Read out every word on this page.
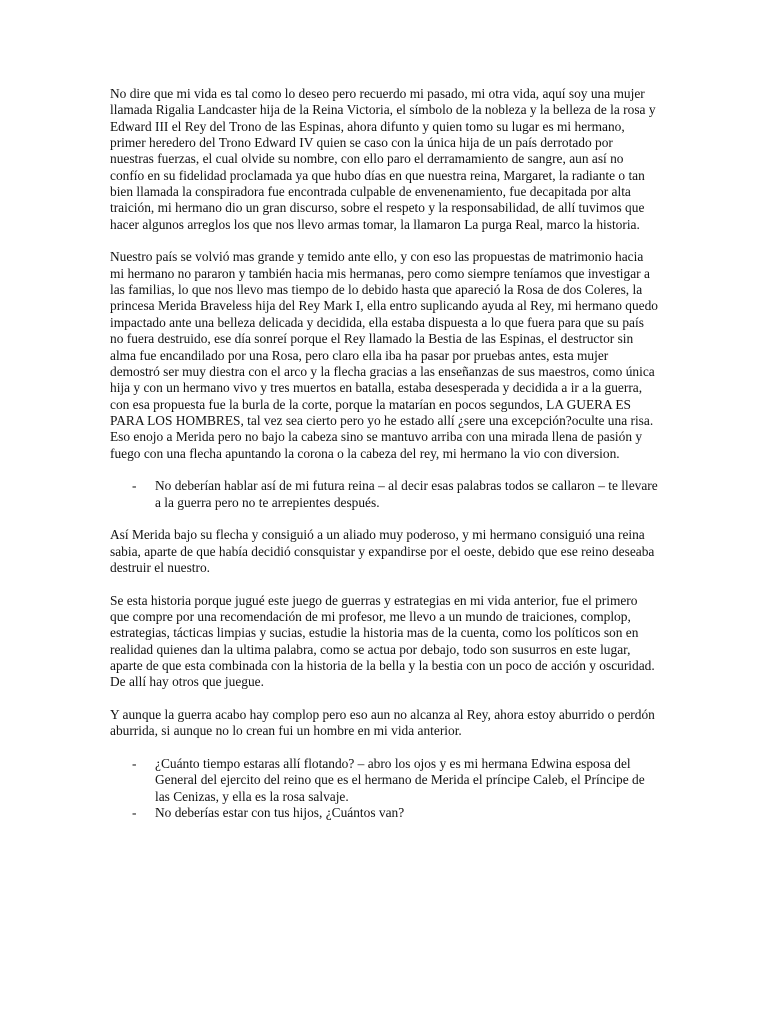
No dire que mi vida es tal como lo deseo pero recuerdo mi pasado, mi otra vida, aquí soy una mujer llamada Rigalia Landcaster hija de la Reina Victoria, el símbolo de la nobleza y la belleza de la rosa y Edward III el Rey del Trono de las Espinas, ahora difunto y quien tomo su lugar es mi hermano, primer heredero del Trono Edward IV quien se caso con la única hija de un país derrotado por nuestras fuerzas, el cual olvide su nombre, con ello paro el derramamiento de sangre, aun así no confío en su fidelidad proclamada ya que hubo días en que nuestra reina, Margaret, la radiante o tan bien llamada la conspiradora fue encontrada culpable de envenenamiento, fue decapitada por alta traición, mi hermano dio un gran discurso, sobre el respeto y la responsabilidad, de allí tuvimos que hacer algunos arreglos los que nos llevo armas tomar, la llamaron La purga Real, marco la historia.

Nuestro país se volvió mas grande y temido ante ello, y con eso las propuestas de matrimonio hacia mi hermano no pararon y también hacia mis hermanas, pero como siempre teníamos que investigar a las familias, lo que nos llevo mas tiempo de lo debido hasta que apareció la Rosa de dos Coleres, la princesa Merida Braveless hija del Rey Mark I, ella entro suplicando ayuda al Rey, mi hermano quedo impactado ante una belleza delicada y decidida, ella estaba dispuesta a lo que fuera para que su país no fuera destruido, ese día sonreí porque el Rey llamado la Bestia de las Espinas, el destructor sin alma fue encandilado por una Rosa, pero claro ella iba ha pasar por pruebas antes, esta mujer demostró ser muy diestra con el arco y la flecha gracias a las enseñanzas de sus maestros, como única hija y con un hermano vivo y tres muertos en batalla, estaba desesperada y decidida a ir a la guerra, con esa propuesta fue la burla de la corte, porque la matarían en pocos segundos, LA GUERA ES PARA LOS HOMBRES, tal vez sea cierto pero yo he estado allí ¿sere una excepción?oculte una risa. Eso enojo a Merida pero no bajo la cabeza sino se mantuvo arriba con una mirada llena de pasión y fuego con una flecha apuntando la corona o la cabeza del rey, mi hermano la vio con diversion.

- No deberían hablar así de mi futura reina – al decir esas palabras todos se callaron – te llevare a la guerra pero no te arrepientes después.

Así Merida bajo su flecha y consiguió a un aliado muy poderoso, y mi hermano consiguió una reina sabia, aparte de que había decidió consquistar y expandirse por el oeste, debido que ese reino deseaba destruir el nuestro.

Se esta historia porque jugué este juego de guerras y estrategias en mi vida anterior, fue el primero que compre por una recomendación de mi profesor, me llevo a un mundo de traiciones, complop, estrategias, tácticas limpias y sucias, estudie la historia mas de la cuenta, como los políticos son en realidad quienes dan la ultima palabra, como se actua por debajo, todo son susurros en este lugar, aparte de que esta combinada con la historia de la bella y la bestia con un poco de acción y oscuridad. De allí hay otros que juegue.

Y aunque la guerra acabo hay complop pero eso aun no alcanza al Rey, ahora estoy aburrido o perdón aburrida, si aunque no lo crean fui un hombre en mi vida anterior.

- ¿Cuánto tiempo estaras allí flotando? – abro los ojos y es mi hermana Edwina esposa del General del ejercito del reino que es el hermano de Merida el príncipe Caleb, el Príncipe de las Cenizas, y ella es la rosa salvaje.
- No deberías estar con tus hijos, ¿Cuántos van?
